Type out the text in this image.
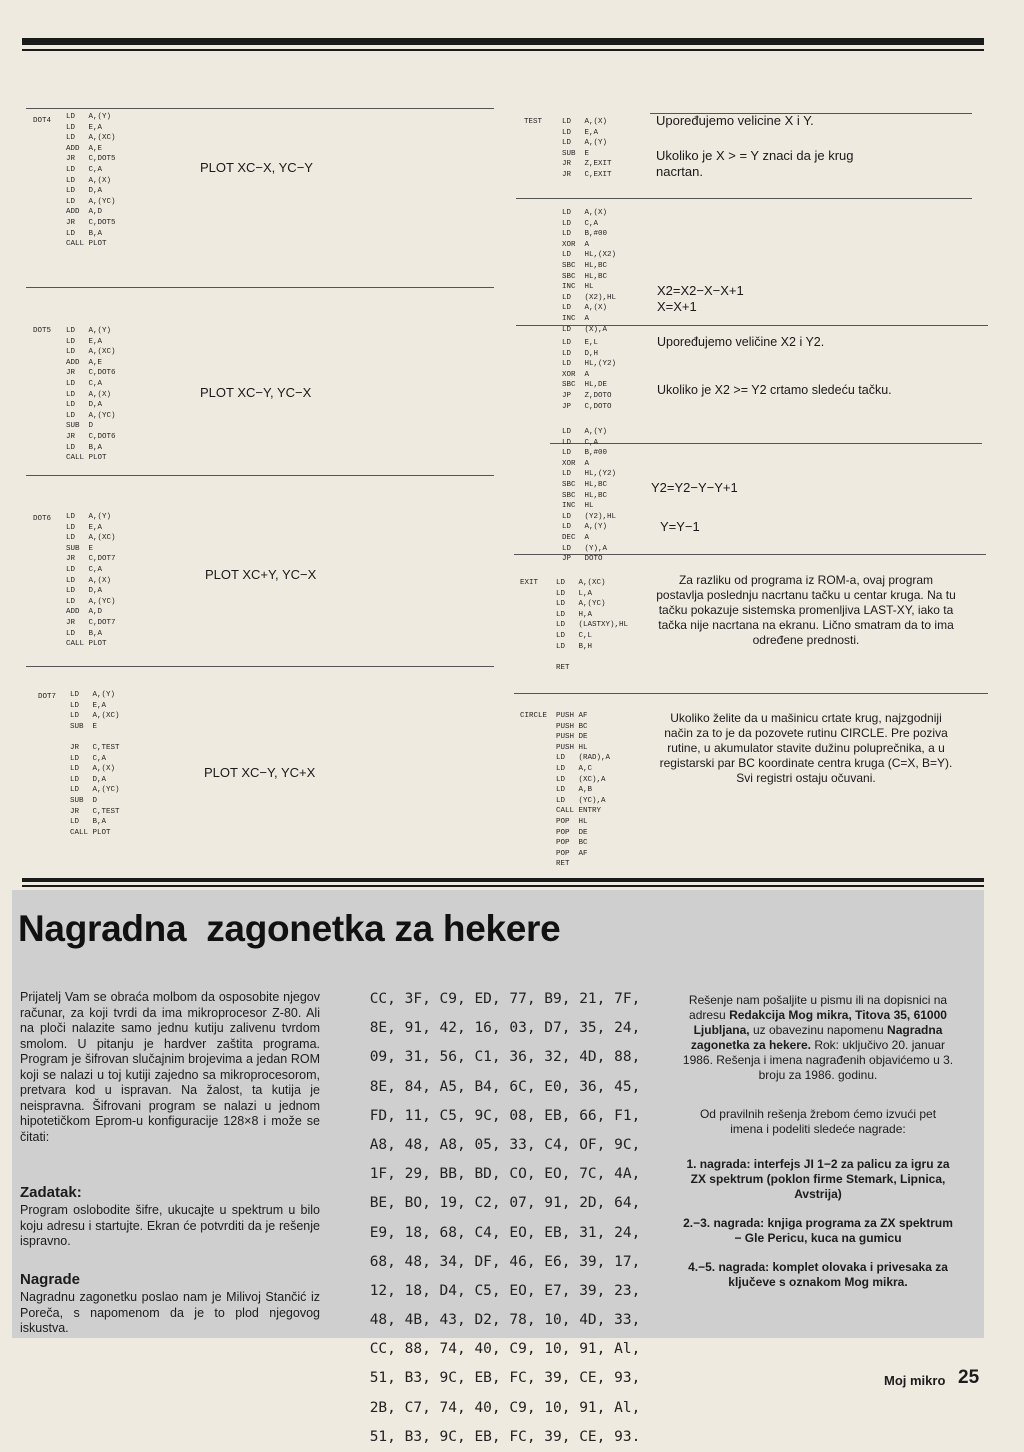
DOT4 LD   A,(Y)
LD   E,A
LD   A,(XC)
ADD  A,E
JR   C,DOT5
LD   C,A
LD   A,(X)
LD   D,A
LD   A,(YC)
ADD  A,D
JR   C,DOT5
LD   B,A
CALL PLOT
PLOT XC−X, YC−Y
DOT5 LD   A,(Y)
LD   E,A
LD   A,(XC)
ADD  A,E
JR   C,DOT6
LD   C,A
LD   A,(X)
LD   D,A
LD   A,(YC)
SUB  D
JR   C,DOT6
LD   B,A
CALL PLOT
PLOT XC−Y, YC−X
DOT6 LD   A,(Y)
LD   E,A
LD   A,(XC)
SUB  E
JR   C,DOT7
LD   C,A
LD   A,(X)
LD   D,A
LD   A,(YC)
ADD  A,D
JR   C,DOT7
LD   B,A
CALL PLOT
PLOT XC+Y, YC−X
DOT7 LD   A,(Y)
LD   E,A
LD   A,(XC)
SUB  E

JR   C,TEST
LD   C,A
LD   A,(X)
LD   D,A
LD   A,(YC)
SUB  D
JR   C,TEST
LD   B,A
CALL PLOT
PLOT XC−Y, YC+X
TEST	LD   A,(X)
LD   E,A
LD   A,(Y)
SUB  E
JR   Z,EXIT
JR   C,EXIT
Upoređujemo velicine X i Y.
Ukoliko je X > = Y znaci da je krug nacrtan.
LD   A,(X)
LD   C,A
LD   B,#00
XOR  A
LD   HL,(X2)
SBC  HL,BC
SBC  HL,BC
INC  HL
LD   (X2),HL
LD   A,(X)
INC  A
LD   (X),A
X2=X2−X−X+1
X=X+1
LD   E,L
LD   D,H
LD   HL,(Y2)
XOR  A
SBC  HL,DE
JP   Z,DOTO
JP   C,DOTO
Upoređujemo veličine X2 i Y2.
Ukoliko je X2 >= Y2 crtamo sledeću tačku.
LD   A,(Y)
LD   C,A
LD   B,#00
XOR  A
LD   HL,(Y2)
SBC  HL,BC
SBC  HL,BC
INC  HL
LD   (Y2),HL
LD   A,(Y)
DEC  A
LD   (Y),A
JP   DOTO
Y2=Y2−Y−Y+1
Y=Y−1
EXIT LD   A,(XC)
LD   L,A
LD   A,(YC)
LD   H,A
LD   (LASTXY),HL
LD   C,L
LD   B,H

RET
Za razliku od programa iz ROM-a, ovaj program postavlja poslednju nacrtanu tačku u centar kruga. Na tu tačku pokazuje sistemska promenljiva LAST-XY, iako ta tačka nije nacrtana na ekranu. Lično smatram da to ima određene prednosti.
CIRCLE PUSH AF
PUSH BC
PUSH DE
PUSH HL
LD   (RAD),A
LD   A,C
LD   (XC),A
LD   A,B
LD   (YC),A
CALL ENTRY
POP  HL
POP  DE
POP  BC
POP  AF
RET
Ukoliko želite da u mašinicu crtate krug, najzgodniji način za to je da pozovete rutinu CIRCLE. Pre poziva rutine, u akumulator stavite dužinu poluprečnika, a u registarski par BC koordinate centra kruga (C=X, B=Y). Svi registri ostaju očuvani.
Nagradna  zagonetka za hekere
Prijatelj Vam se obraća molbom da osposobite njegov računar, za koji tvrdi da ima mikroprocesor Z-80. Ali na ploči nalazite samo jednu kutiju zalivenu tvrdom smolom. U pitanju je hardver zaštita programa. Program je šifrovan slučajnim brojevima a jedan ROM koji se nalazi u toj kutiji zajedno sa mikroprocesorom, pretvara kod u ispravan. Na žalost, ta kutija je neispravna. Šifrovani program se nalazi u jednom hipotetičkom Eprom-u konfiguracije 128×8 i može se čitati:
Zadatak:
Program oslobodite šifre, ukucajte u spektrum u bilo koju adresu i startujte. Ekran će potvrditi da je rešenje ispravno.
Nagrade
Nagradnu zagonetku poslao nam je Milivoj Stančić iz Poreča, s napomenom da je to plod njegovog iskustva.
CC, 3F, C9, ED, 77, B9, 21, 7F,
8E, 91, 42, 16, 03, D7, 35, 24,
09, 31, 56, C1, 36, 32, 4D, 88,
8E, 84, A5, B4, 6C, E0, 36, 45,
FD, 11, C5, 9C, 08, EB, 66, F1,
A8, 48, A8, 05, 33, C4, OF, 9C,
1F, 29, BB, BD, CO, EO, 7C, 4A,
BE, BO, 19, C2, 07, 91, 2D, 64,
E9, 18, 68, C4, EO, EB, 31, 24,
68, 48, 34, DF, 46, E6, 39, 17,
12, 18, D4, C5, EO, E7, 39, 23,
48, 4B, 43, D2, 78, 10, 4D, 33,
CC, 88, 74, 40, C9, 10, 91, Al,
51, B3, 9C, EB, FC, 39, CE, 93,
2B, C7, 74, 40, C9, 10, 91, Al,
51, B3, 9C, EB, FC, 39, CE, 93.

Rešenje nam pošaljite u pismu ili na dopisnici na adresu Redakcija Mog mikra, Titova 35, 61000 Ljubljana, uz obavezinu napomenu Nagradna zagonetka za hekere. Rok: uključivo 20. januar 1986. Rešenja i imena nagrađenih objavićemo u 3. broju za 1986. godinu.

Od pravilnih rešenja žrebom ćemo izvući pet imena i podeliti sledeće nagrade:

1. nagrada: interfejs JI 1−2 za palicu za igru za ZX spektrum (poklon firme Stemark, Lipnica, Avstrija)

2.−3. nagrada: knjiga programa za ZX spektrum − Gle Pericu, kuca na gumicu

4.−5. nagrada: komplet olovaka i privesaka za ključeve s oznakom Mog mikra.

Moj mikro 25
